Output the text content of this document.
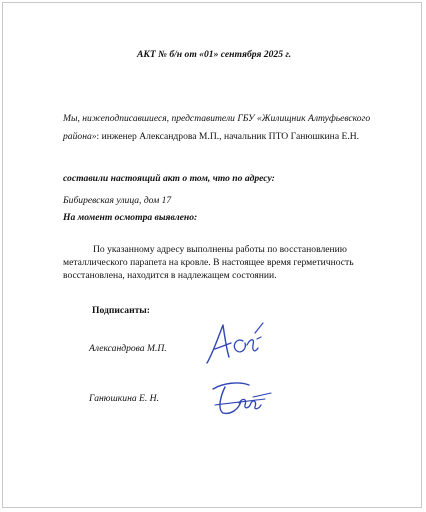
АКТ № б/н от «01» сентября 2025 г.
Мы, нижеподписавшиеся, представители ГБУ «Жилищник Алтуфьевского
района»: инженер Александрова М.П., начальник ПТО Ганюшкина Е.Н.
составили настоящий акт о том, что по адресу:
Бибиревская улица, дом 17
На момент осмотра выявлено:
По указанному адресу выполнены работы по восстановлению
металлического парапета на кровле. В настоящее время герметичность
восстановлена, находится в надлежащем состоянии.
Подписанты:
Александрова М.П.
Ганюшкина Е. Н.
